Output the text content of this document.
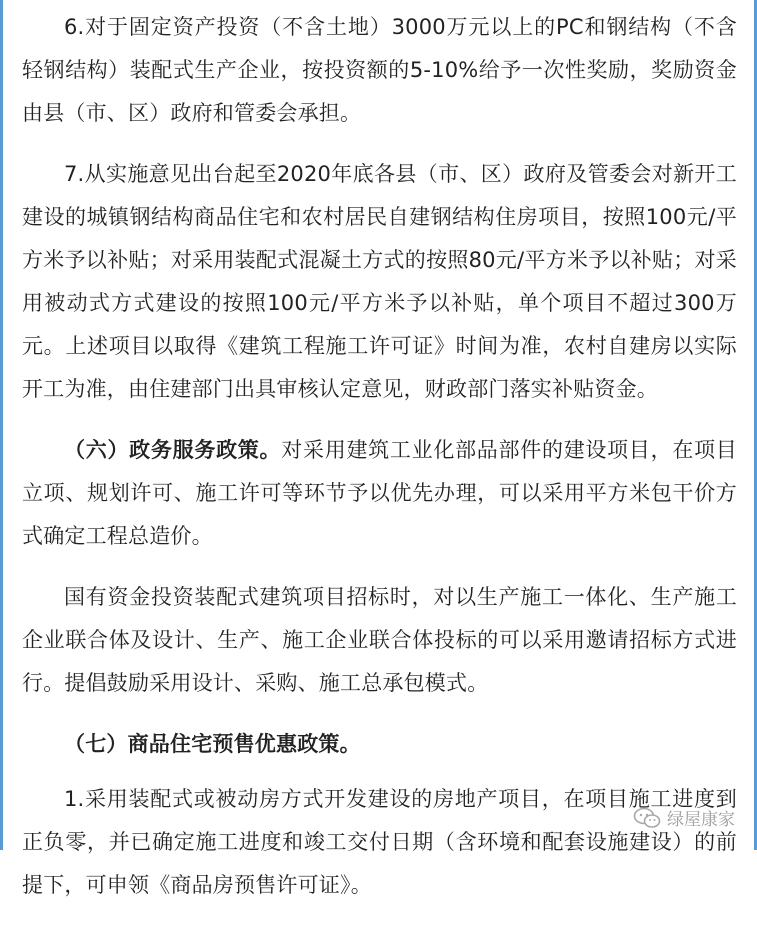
6.对于固定资产投资（不含土地）3000万元以上的PC和钢结构（不含轻钢结构）装配式生产企业，按投资额的5-10%给予一次性奖励，奖励资金由县（市、区）政府和管委会承担。

7.从实施意见出台起至2020年底各县（市、区）政府及管委会对新开工建设的城镇钢结构商品住宅和农村居民自建钢结构住房项目，按照100元/平方米予以补贴；对采用装配式混凝土方式的按照80元/平方米予以补贴；对采用被动式方式建设的按照100元/平方米予以补贴，单个项目不超过300万元。上述项目以取得《建筑工程施工许可证》时间为准，农村自建房以实际开工为准，由住建部门出具审核认定意见，财政部门落实补贴资金。

（六）政务服务政策。对采用建筑工业化部品部件的建设项目，在项目立项、规划许可、施工许可等环节予以优先办理，可以采用平方米包干价方式确定工程总造价。

国有资金投资装配式建筑项目招标时，对以生产施工一体化、生产施工企业联合体及设计、生产、施工企业联合体投标的可以采用邀请招标方式进行。提倡鼓励采用设计、采购、施工总承包模式。

（七）商品住宅预售优惠政策。

1.采用装配式或被动房方式开发建设的房地产项目，在项目施工进度到正负零，并已确定施工进度和竣工交付日期（含环境和配套设施建设）的前提下，可申领《商品房预售许可证》。

绿屋康家
